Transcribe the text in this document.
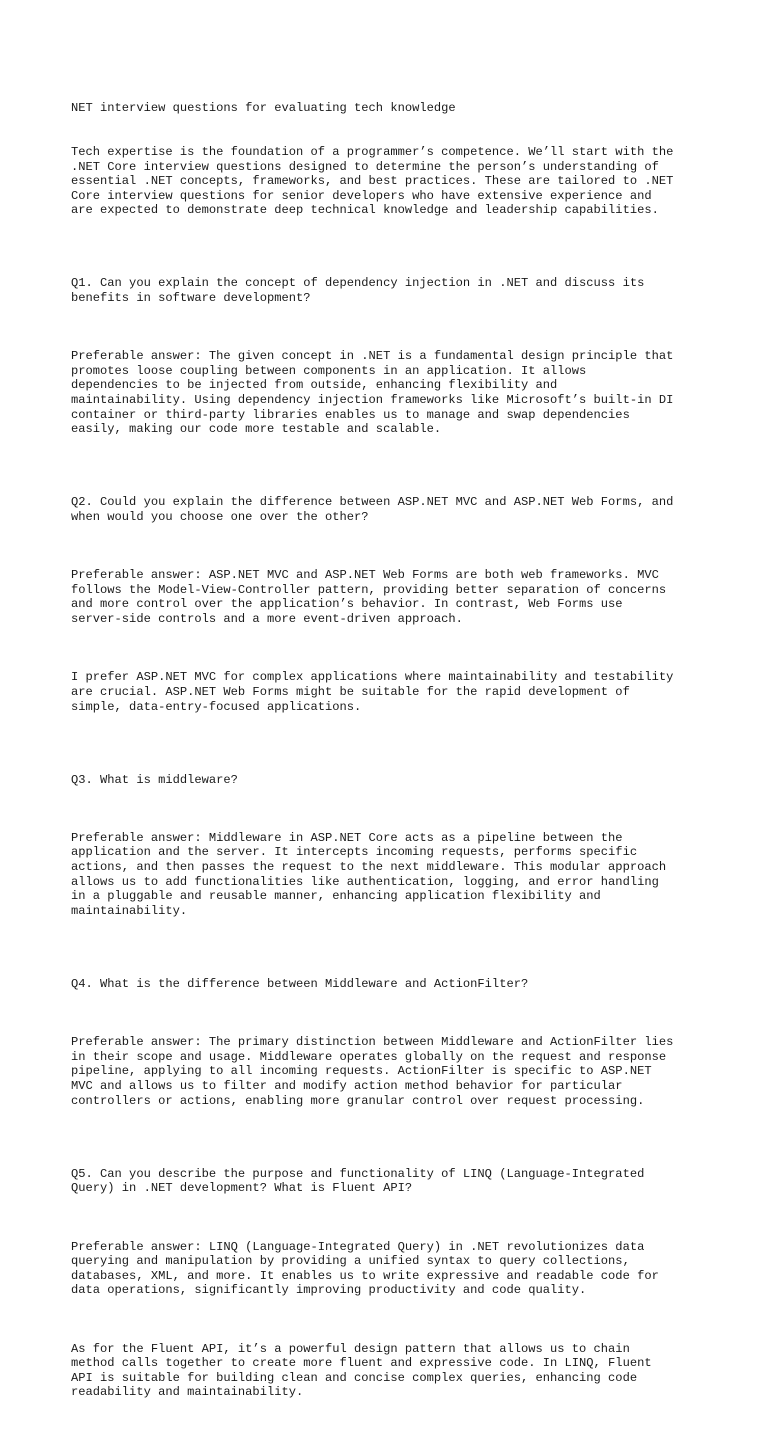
NET interview questions for evaluating tech knowledge

Tech expertise is the foundation of a programmer’s competence. We’ll start with the
.NET Core interview questions designed to determine the person’s understanding of
essential .NET concepts, frameworks, and best practices. These are tailored to .NET
Core interview questions for senior developers who have extensive experience and
are expected to demonstrate deep technical knowledge and leadership capabilities.

Q1. Can you explain the concept of dependency injection in .NET and discuss its
benefits in software development?

Preferable answer: The given concept in .NET is a fundamental design principle that
promotes loose coupling between components in an application. It allows
dependencies to be injected from outside, enhancing flexibility and
maintainability. Using dependency injection frameworks like Microsoft’s built-in DI
container or third-party libraries enables us to manage and swap dependencies
easily, making our code more testable and scalable.

Q2. Could you explain the difference between ASP.NET MVC and ASP.NET Web Forms, and
when would you choose one over the other?

Preferable answer: ASP.NET MVC and ASP.NET Web Forms are both web frameworks. MVC
follows the Model-View-Controller pattern, providing better separation of concerns
and more control over the application’s behavior. In contrast, Web Forms use
server-side controls and a more event-driven approach.

I prefer ASP.NET MVC for complex applications where maintainability and testability
are crucial. ASP.NET Web Forms might be suitable for the rapid development of
simple, data-entry-focused applications.

Q3. What is middleware?

Preferable answer: Middleware in ASP.NET Core acts as a pipeline between the
application and the server. It intercepts incoming requests, performs specific
actions, and then passes the request to the next middleware. This modular approach
allows us to add functionalities like authentication, logging, and error handling
in a pluggable and reusable manner, enhancing application flexibility and
maintainability.

Q4. What is the difference between Middleware and ActionFilter?

Preferable answer: The primary distinction between Middleware and ActionFilter lies
in their scope and usage. Middleware operates globally on the request and response
pipeline, applying to all incoming requests. ActionFilter is specific to ASP.NET
MVC and allows us to filter and modify action method behavior for particular
controllers or actions, enabling more granular control over request processing.

Q5. Can you describe the purpose and functionality of LINQ (Language-Integrated
Query) in .NET development? What is Fluent API?

Preferable answer: LINQ (Language-Integrated Query) in .NET revolutionizes data
querying and manipulation by providing a unified syntax to query collections,
databases, XML, and more. It enables us to write expressive and readable code for
data operations, significantly improving productivity and code quality.

As for the Fluent API, it’s a powerful design pattern that allows us to chain
method calls together to create more fluent and expressive code. In LINQ, Fluent
API is suitable for building clean and concise complex queries, enhancing code
readability and maintainability.
